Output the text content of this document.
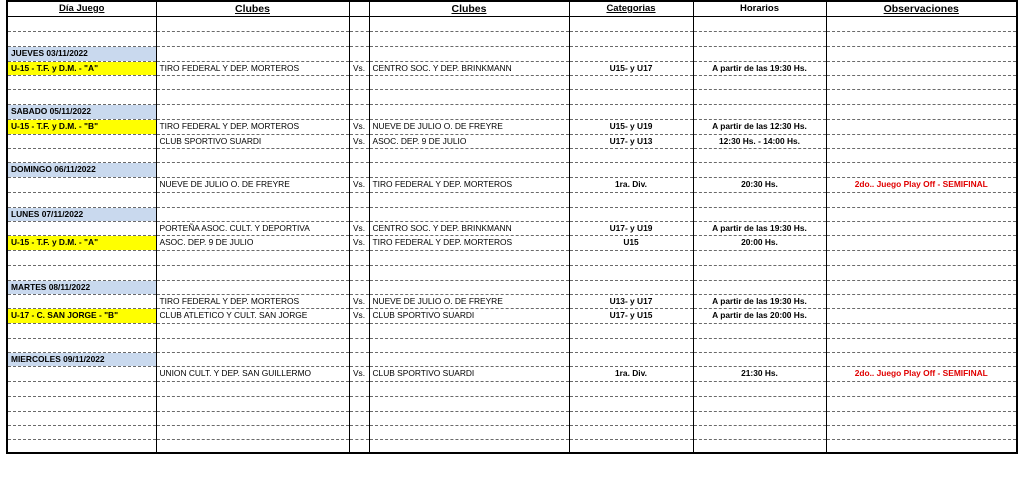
Día Juego	Clubes		Clubes	Categorias	Horarios	Observaciones

JUEVES 03/11/2022						
U-15 - T.F. y D.M. - "A"	TIRO FEDERAL Y DEP. MORTEROS	Vs.	CENTRO SOC. Y DEP. BRINKMANN	U15- y U17	A partir de las 19:30 Hs.	

SABADO 05/11/2022						
U-15 - T.F. y D.M. - "B"	TIRO FEDERAL Y DEP. MORTEROS	Vs.	NUEVE DE JULIO O. DE FREYRE	U15- y U19	A partir de las 12:30 Hs.	
	CLUB SPORTIVO SUARDI	Vs.	ASOC. DEP. 9 DE JULIO	U17- y U13	12:30 Hs. - 14:00 Hs.	

DOMINGO 06/11/2022						
	NUEVE DE JULIO O. DE FREYRE	Vs.	TIRO FEDERAL Y DEP. MORTEROS	1ra. Div.	20:30 Hs.	2do.. Juego Play Off - SEMIFINAL

LUNES 07/11/2022						
	PORTEÑA ASOC. CULT. Y DEPORTIVA	Vs.	CENTRO SOC. Y DEP. BRINKMANN	U17- y U19	A partir de las 19:30 Hs.	
U-15 - T.F. y D.M. - "A"	ASOC. DEP. 9 DE JULIO	Vs.	TIRO FEDERAL Y DEP. MORTEROS	U15	20:00 Hs.	

MARTES 08/11/2022						
	TIRO FEDERAL Y DEP. MORTEROS	Vs.	NUEVE DE JULIO O. DE FREYRE	U13- y U17	A partir de las 19:30 Hs.	
U-17 - C. SAN JORGE - "B"	CLUB ATLETICO Y CULT. SAN JORGE	Vs.	CLUB SPORTIVO SUARDI	U17- y U15	A partir de las 20:00 Hs.	

MIERCOLES 09/11/2022						
	UNION CULT. Y DEP. SAN GUILLERMO	Vs.	CLUB SPORTIVO SUARDI	1ra. Div.	21:30 Hs.	2do.. Juego Play Off - SEMIFINAL
